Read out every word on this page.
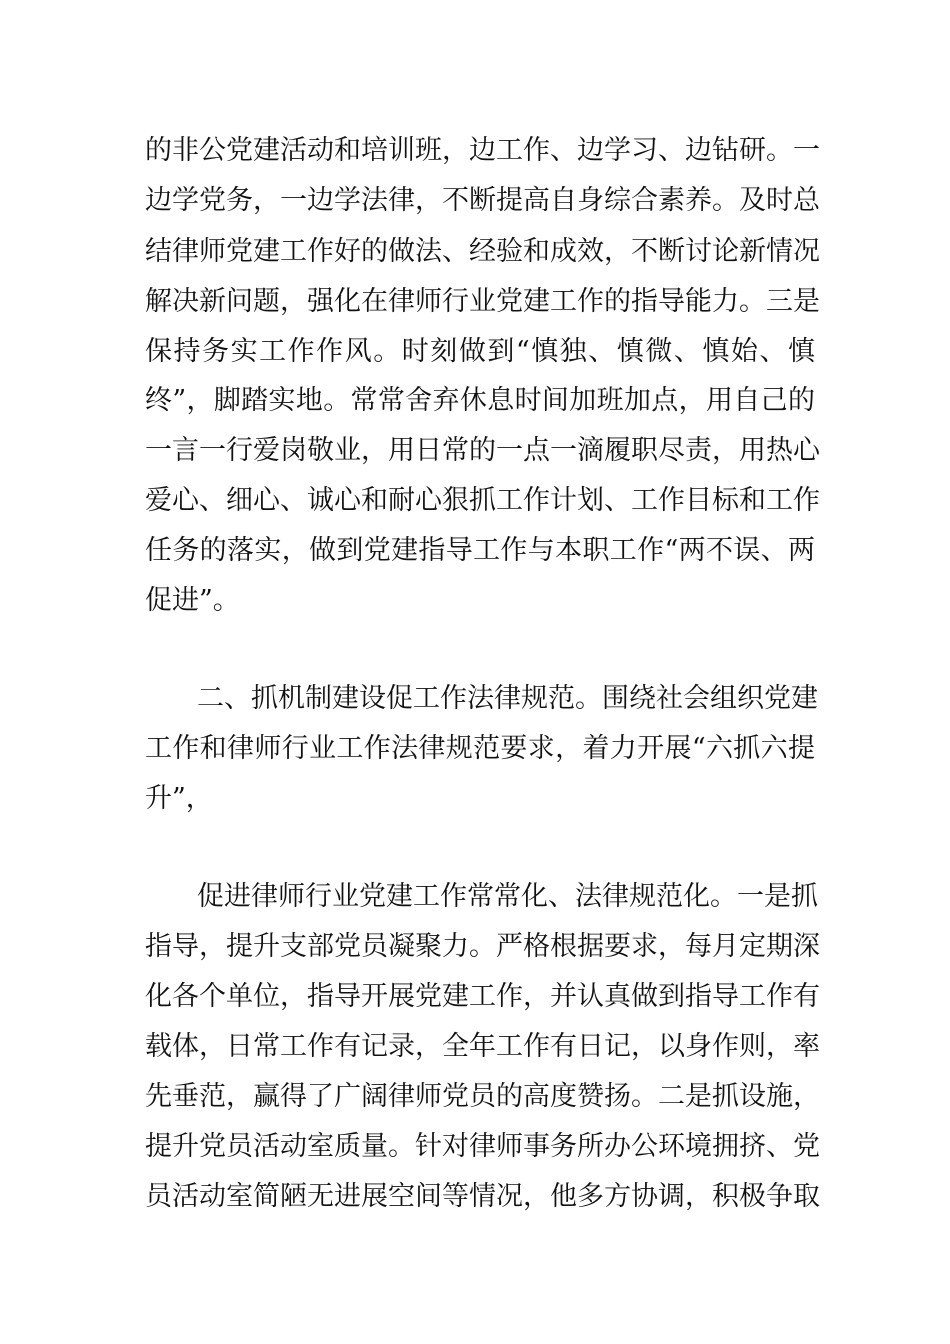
的非公党建活动和培训班，边工作、边学习、边钻研。一
边学党务，一边学法律，不断提高自身综合素养。及时总
结律师党建工作好的做法、经验和成效，不断讨论新情况
解决新问题，强化在律师行业党建工作的指导能力。三是
保持务实工作作风。时刻做到“慎独、慎微、慎始、慎
终”，脚踏实地。常常舍弃休息时间加班加点，用自己的
一言一行爱岗敬业，用日常的一点一滴履职尽责，用热心
爱心、细心、诚心和耐心狠抓工作计划、工作目标和工作
任务的落实，做到党建指导工作与本职工作“两不误、两
促进”。
二、抓机制建设促工作法律规范。围绕社会组织党建
工作和律师行业工作法律规范要求，着力开展“六抓六提
升”，
促进律师行业党建工作常常化、法律规范化。一是抓
指导，提升支部党员凝聚力。严格根据要求，每月定期深
化各个单位，指导开展党建工作，并认真做到指导工作有
载体，日常工作有记录，全年工作有日记，以身作则，率
先垂范，赢得了广阔律师党员的高度赞扬。二是抓设施，
提升党员活动室质量。针对律师事务所办公环境拥挤、党
员活动室简陋无进展空间等情况，他多方协调，积极争取
